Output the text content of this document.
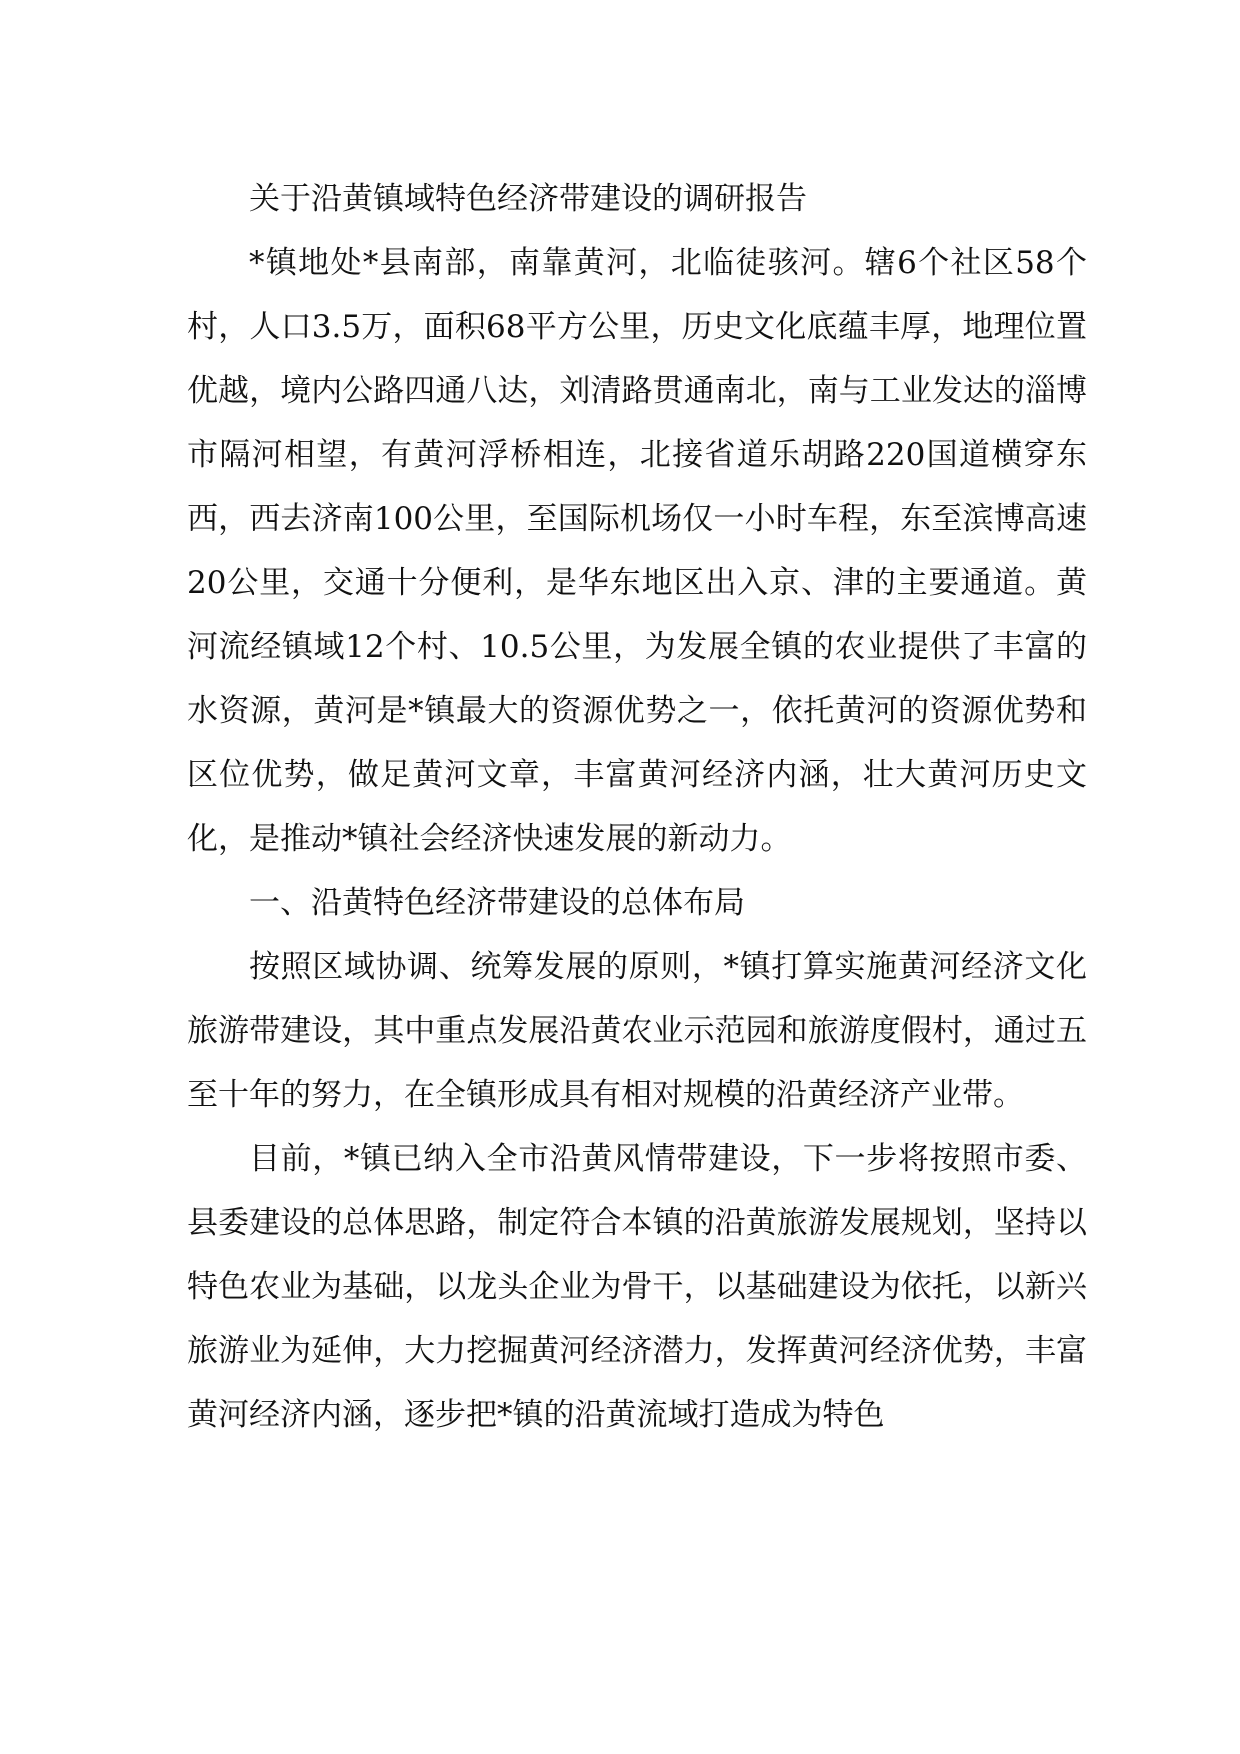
关于沿黄镇域特色经济带建设的调研报告

*镇地处*县南部，南靠黄河，北临徒骇河。辖6个社区58个村，人口3.5万，面积68平方公里，历史文化底蕴丰厚，地理位置优越，境内公路四通八达，刘清路贯通南北，南与工业发达的淄博市隔河相望，有黄河浮桥相连，北接省道乐胡路220国道横穿东西，西去济南100公里，至国际机场仅一小时车程，东至滨博高速20公里，交通十分便利，是华东地区出入京、津的主要通道。黄河流经镇域12个村、10.5公里，为发展全镇的农业提供了丰富的水资源，黄河是*镇最大的资源优势之一，依托黄河的资源优势和区位优势，做足黄河文章，丰富黄河经济内涵，壮大黄河历史文化，是推动*镇社会经济快速发展的新动力。

一、沿黄特色经济带建设的总体布局

按照区域协调、统筹发展的原则，*镇打算实施黄河经济文化旅游带建设，其中重点发展沿黄农业示范园和旅游度假村，通过五至十年的努力，在全镇形成具有相对规模的沿黄经济产业带。

目前，*镇已纳入全市沿黄风情带建设，下一步将按照市委、县委建设的总体思路，制定符合本镇的沿黄旅游发展规划，坚持以特色农业为基础，以龙头企业为骨干，以基础建设为依托，以新兴旅游业为延伸，大力挖掘黄河经济潜力，发挥黄河经济优势，丰富黄河经济内涵，逐步把*镇的沿黄流域打造成为特色
